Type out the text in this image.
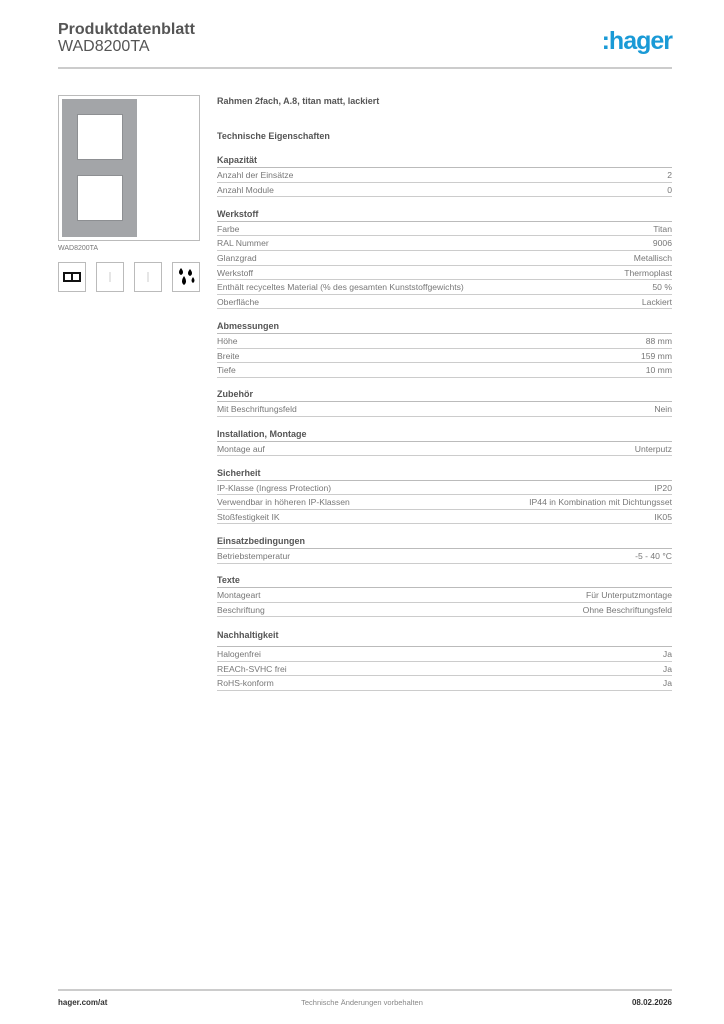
Produktdatenblatt
WAD8200TA	:hager
WAD8200TA
Rahmen 2fach, A.8, titan matt, lackiert
Technische Eigenschaften
Kapazität
Anzahl der Einsätze	2
Anzahl Module	0
Werkstoff
Farbe	Titan
RAL Nummer	9006
Glanzgrad	Metallisch
Werkstoff	Thermoplast
Enthält recyceltes Material (% des gesamten Kunststoffgewichts)	50 %
Oberfläche	Lackiert
Abmessungen
Höhe	88 mm
Breite	159 mm
Tiefe	10 mm
Zubehör
Mit Beschriftungsfeld	Nein
Installation, Montage
Montage auf	Unterputz
Sicherheit
IP-Klasse (Ingress Protection)	IP20
Verwendbar in höheren IP-Klassen	IP44 in Kombination mit Dichtungsset
Stoßfestigkeit IK	IK05
Einsatzbedingungen
Betriebstemperatur	-5 - 40 °C
Texte
Montageart	Für Unterputzmontage
Beschriftung	Ohne Beschriftungsfeld
Nachhaltigkeit
Halogenfrei	Ja
REACh-SVHC frei	Ja
RoHS-konform	Ja
hager.com/at	Technische Änderungen vorbehalten	08.02.2026
